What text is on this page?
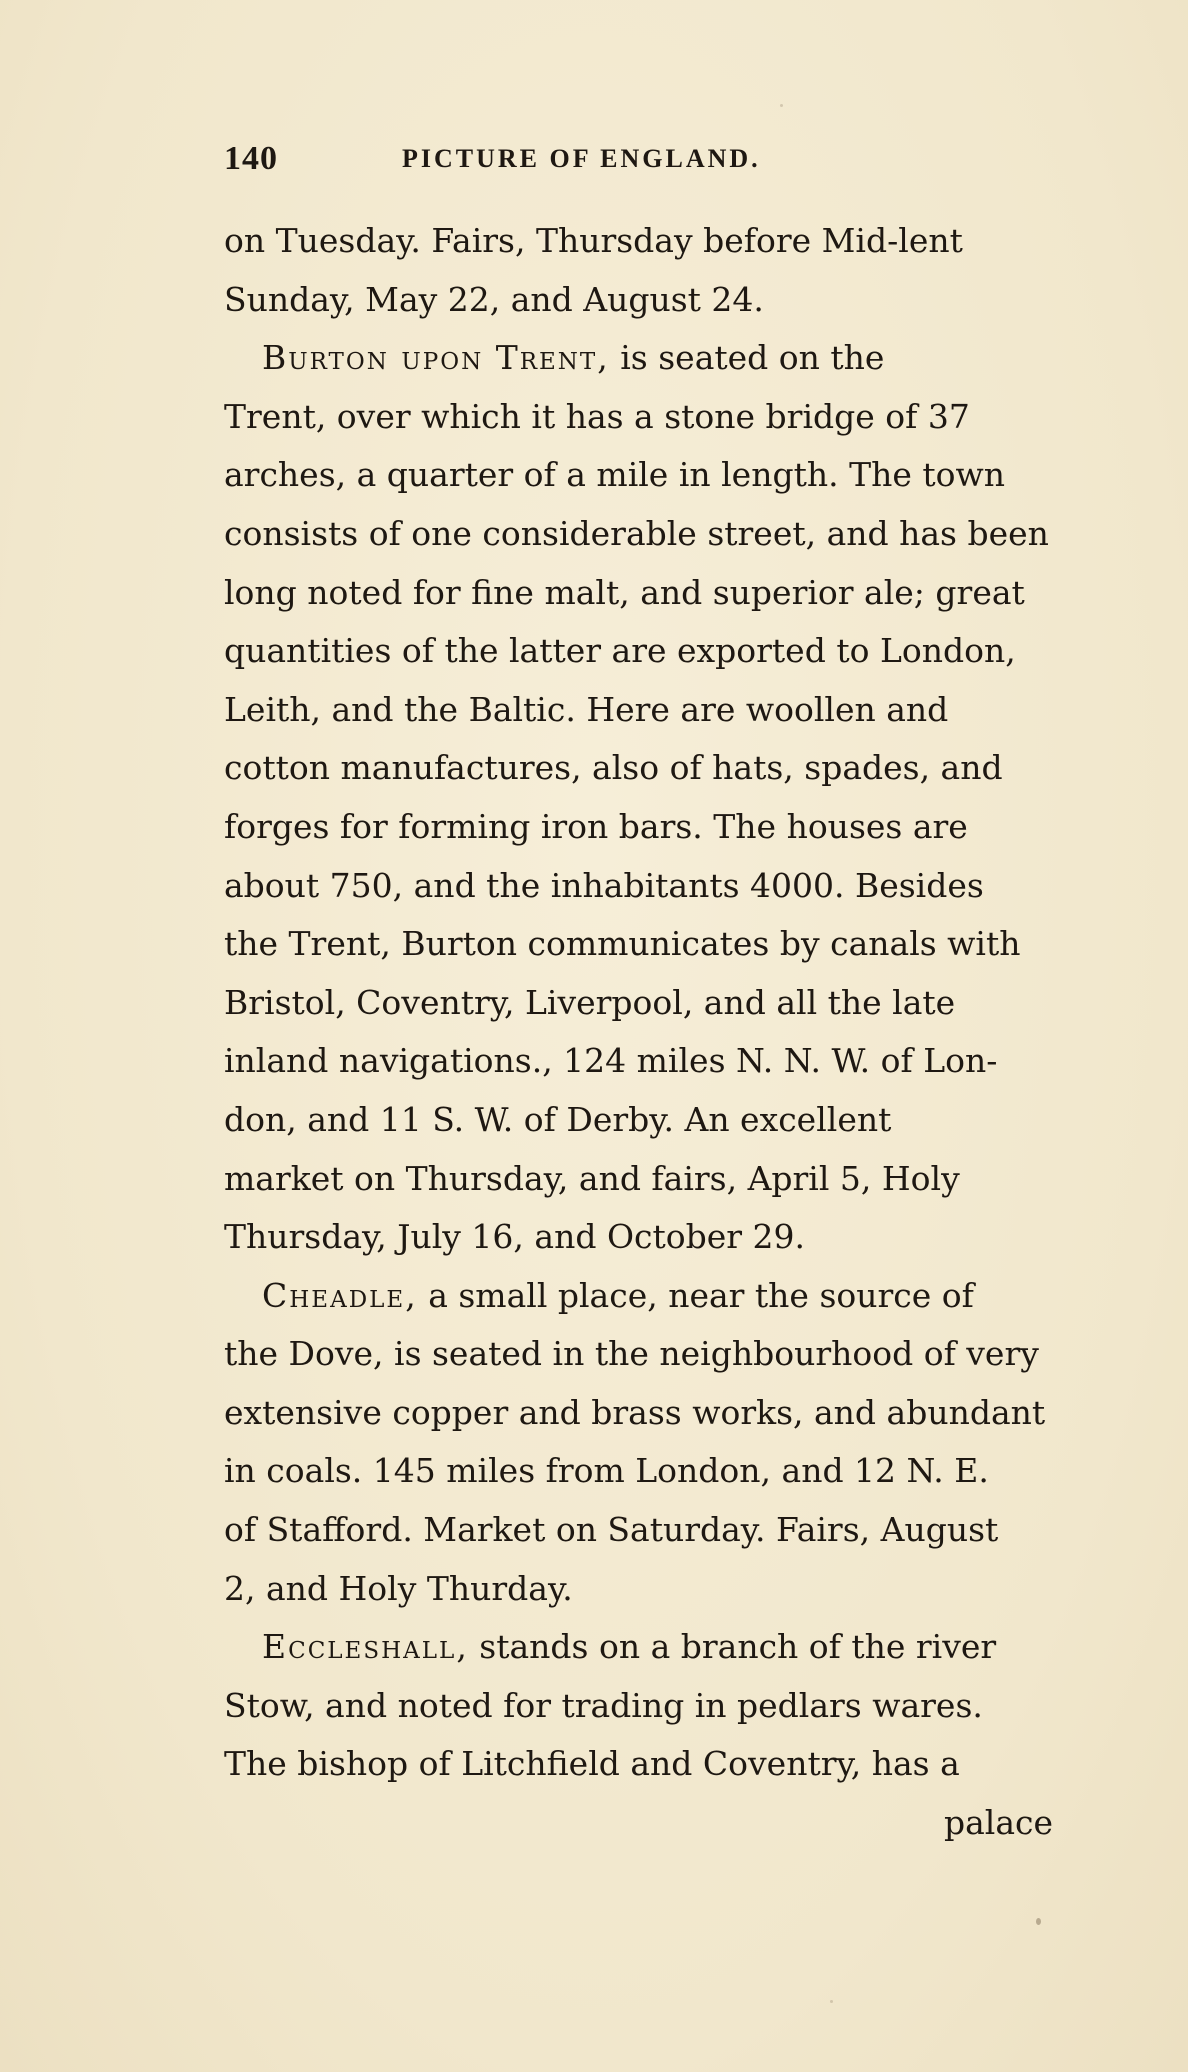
140	PICTURE OF ENGLAND.
on Tuesday. Fairs, Thursday before Mid-lent
Sunday, May 22, and August 24.
Burton upon Trent, is seated on the
Trent, over which it has a stone bridge of 37
arches, a quarter of a mile in length. The town
consists of one considerable street, and has been
long noted for fine malt, and superior ale; great
quantities of the latter are exported to London,
Leith, and the Baltic. Here are woollen and
cotton manufactures, also of hats, spades, and
forges for forming iron bars. The houses are
about 750, and the inhabitants 4000. Besides
the Trent, Burton communicates by canals with
Bristol, Coventry, Liverpool, and all the late
inland navigations., 124 miles N. N. W. of Lon-
don, and 11 S. W. of Derby. An excellent
market on Thursday, and fairs, April 5, Holy
Thursday, July 16, and October 29.
Cheadle, a small place, near the source of
the Dove, is seated in the neighbourhood of very
extensive copper and brass works, and abundant
in coals. 145 miles from London, and 12 N. E.
of Stafford. Market on Saturday. Fairs, August
2, and Holy Thurday.
Eccleshall, stands on a branch of the river
Stow, and noted for trading in pedlars wares.
The bishop of Litchfield and Coventry, has a
palace
